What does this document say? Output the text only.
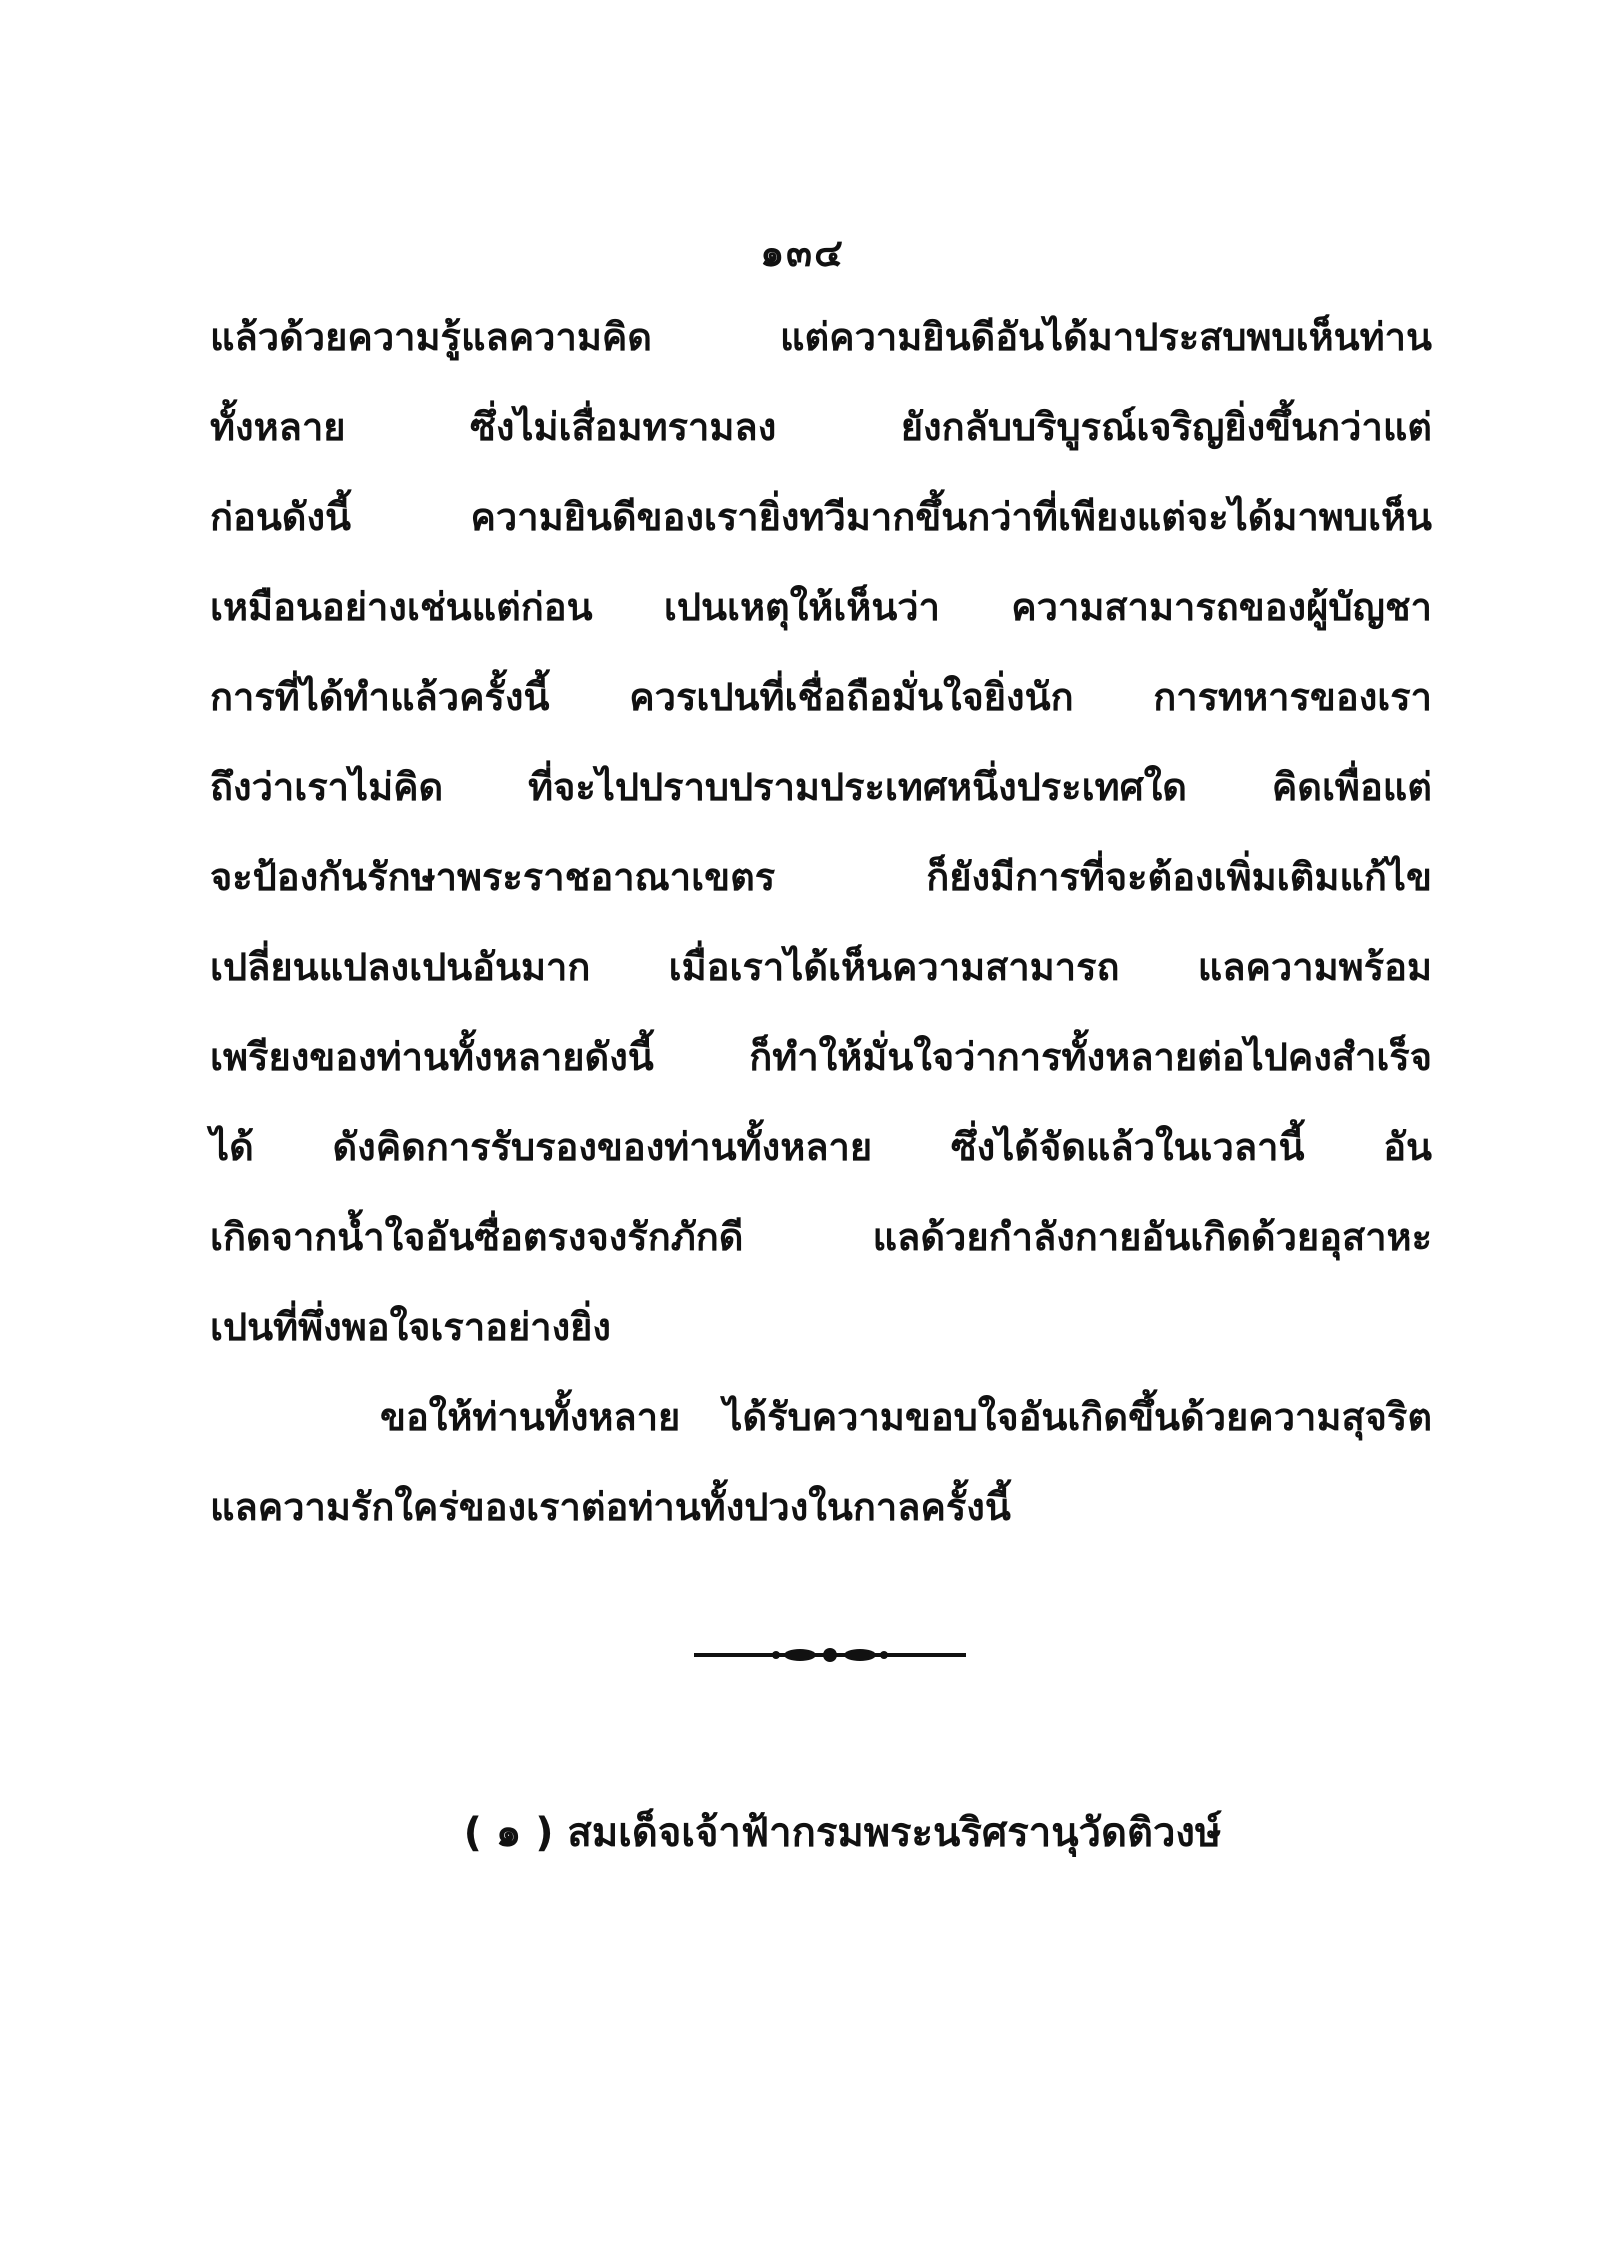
๑๓๔
แล้วด้วยความรู้แลความคิด	แต่ความยินดีอันได้มาประสบพบเห็นท่าน
ทั้งหลาย	ซึ่งไม่เสื่อมทรามลง	ยังกลับบริบูรณ์เจริญยิ่งขึ้นกว่าแต่
ก่อนดังนี้	ความยินดีของเรายิ่งทวีมากขึ้นกว่าที่เพียงแต่จะได้มาพบเห็น
เหมือนอย่างเช่นแต่ก่อน เปนเหตุให้เห็นว่า ความสามารถของผู้บัญชา
การที่ได้ทำแล้วครั้งนี้ ควรเปนที่เชื่อถือมั่นใจยิ่งนัก การทหารของเรา
ถึงว่าเราไม่คิด ที่จะไปปราบปรามประเทศหนึ่งประเทศใด คิดเพื่อแต่
จะป้องกันรักษาพระราชอาณาเขตร	ก็ยังมีการที่จะต้องเพิ่มเติมแก้ไข
เปลี่ยนแปลงเปนอันมาก เมื่อเราได้เห็นความสามารถ แลความพร้อม
เพรียงของท่านทั้งหลายดังนี้	ก็ทำให้มั่นใจว่าการทั้งหลายต่อไปคงสำเร็จ
ได้ ดังคิดการรับรองของท่านทั้งหลาย ซึ่งได้จัดแล้วในเวลานี้ อัน
เกิดจากน้ำใจอันซื่อตรงจงรักภักดี	แลด้วยกำลังกายอันเกิดด้วยอุสาหะ
เปนที่พึ่งพอใจเราอย่างยิ่ง
ขอให้ท่านทั้งหลาย ได้รับความขอบใจอันเกิดขึ้นด้วยความสุจริต
แลความรักใคร่ของเราต่อท่านทั้งปวงในกาลครั้งนี้
( ๑ ) สมเด็จเจ้าฟ้ากรมพระนริศรานุวัดติวงษ์
